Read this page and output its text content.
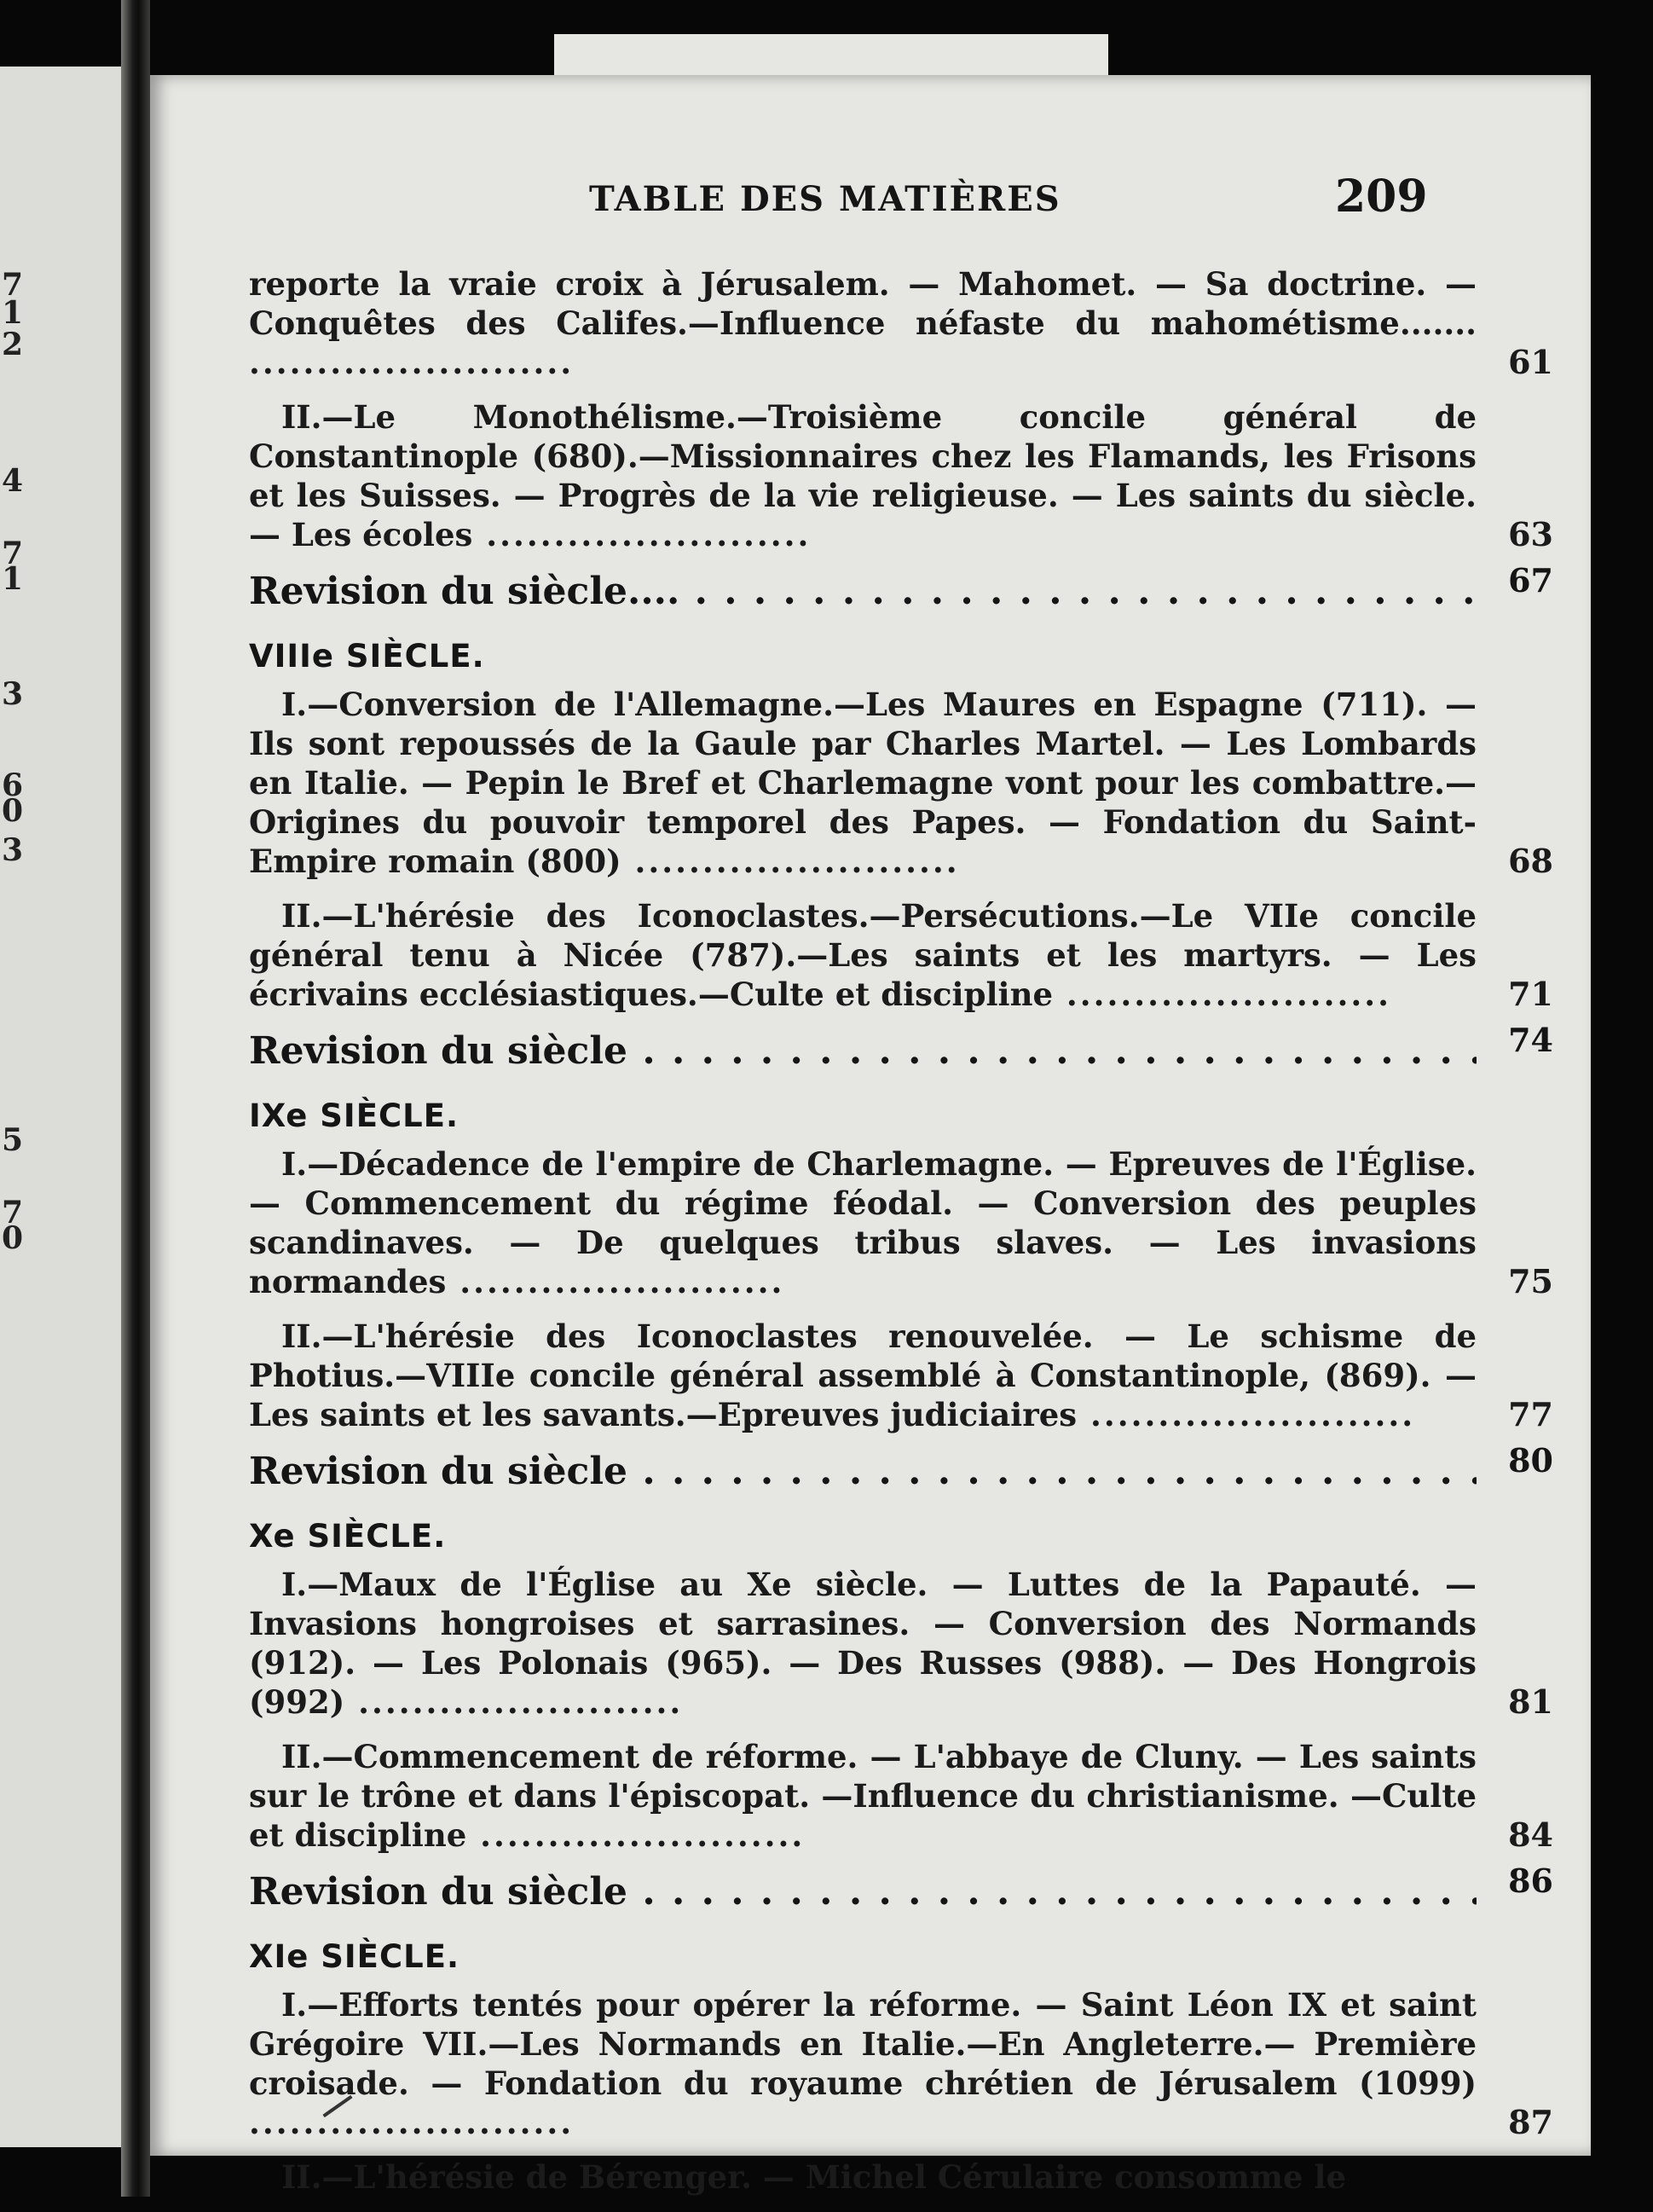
7
1
2
4
7
1
3
6
0
3
5
7
0
TABLE DES MATIÈRES	209
reporte la vraie croix à Jérusalem. — Mahomet. — Sa doctrine. — Conquêtes des Califes.—Influence néfaste du mahométisme....... ........................	61
II.—Le Monothélisme.—Troisième concile général de Constantinople (680).—Missionnaires chez les Flamands, les Frisons et les Suisses. — Progrès de la vie religieuse. — Les saints du siècle.— Les écoles ........................	63
Revision du siècle.... . . .	67
VIIIe SIÈCLE.
I.—Conversion de l'Allemagne.—Les Maures en Espagne (711). — Ils sont repoussés de la Gaule par Charles Martel. — Les Lombards en Italie. — Pepin le Bref et Charlemagne vont pour les combattre.—Origines du pouvoir temporel des Papes. — Fondation du Saint-Empire romain (800) ........................	68
II.—L'hérésie des Iconoclastes.—Persécutions.—Le VIIe concile général tenu à Nicée (787).—Les saints et les martyrs. — Les écrivains ecclésiastiques.—Culte et discipline ........................	71
Revision du siècle . . .	74
IXe SIÈCLE.
I.—Décadence de l'empire de Charlemagne. — Epreuves de l'Église. — Commencement du régime féodal. — Conversion des peuples scandinaves. — De quelques tribus slaves. — Les invasions normandes ........................	75
II.—L'hérésie des Iconoclastes renouvelée. — Le schisme de Photius.—VIIIe concile général assemblé à Constantinople, (869). —Les saints et les savants.—Epreuves judiciaires ........................	77
Revision du siècle . . .	80
Xe SIÈCLE.
I.—Maux de l'Église au Xe siècle. — Luttes de la Papauté. — Invasions hongroises et sarrasines. — Conversion des Normands (912). — Les Polonais (965). — Des Russes (988). — Des Hongrois (992) ........................	81
II.—Commencement de réforme. — L'abbaye de Cluny. — Les saints sur le trône et dans l'épiscopat. —Influence du christianisme. —Culte et discipline ........................	84
Revision du siècle . . .	86
XIe SIÈCLE.
I.—Efforts tentés pour opérer la réforme. — Saint Léon IX et saint Grégoire VII.—Les Normands en Italie.—En Angleterre.— Première croisade. — Fondation du royaume chrétien de Jérusalem (1099) ........................	87
II.—L'hérésie de Bérenger. — Michel Cérulaire consomme le
